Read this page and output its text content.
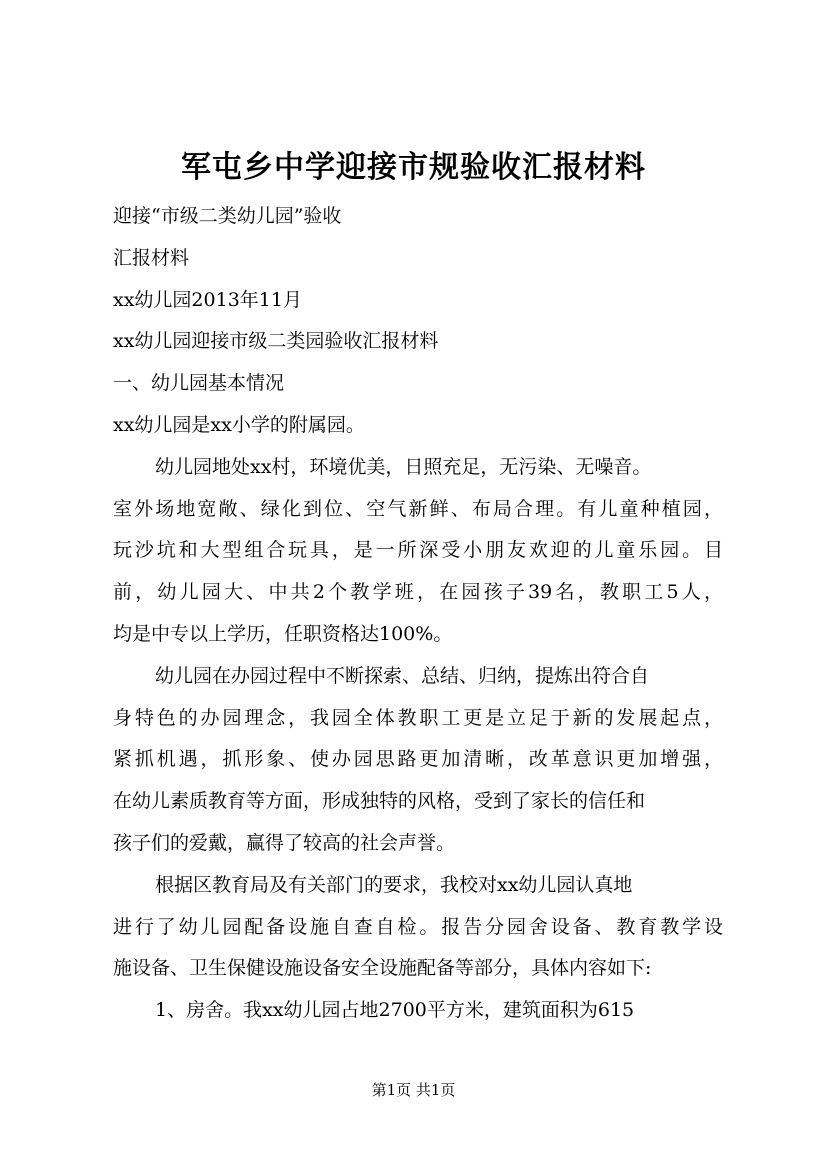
军屯乡中学迎接市规验收汇报材料
迎接“市级二类幼儿园”验收
汇报材料
xx幼儿园2013年11月
xx幼儿园迎接市级二类园验收汇报材料
一、幼儿园基本情况
xx幼儿园是xx小学的附属园。
幼儿园地处xx村，环境优美，日照充足，无污染、无噪音。
室外场地宽敞、绿化到位、空气新鲜、布局合理。有儿童种植园，
玩沙坑和大型组合玩具，是一所深受小朋友欢迎的儿童乐园。目
前，幼儿园大、中共2个教学班，在园孩子39名，教职工5人，
均是中专以上学历，任职资格达100%。
幼儿园在办园过程中不断探索、总结、归纳，提炼出符合自
身特色的办园理念，我园全体教职工更是立足于新的发展起点，
紧抓机遇，抓形象、使办园思路更加清晰，改革意识更加增强，
在幼儿素质教育等方面，形成独特的风格，受到了家长的信任和
孩子们的爱戴，赢得了较高的社会声誉。
根据区教育局及有关部门的要求，我校对xx幼儿园认真地
进行了幼儿园配备设施自查自检。报告分园舍设备、教育教学设
施设备、卫生保健设施设备安全设施配备等部分，具体内容如下:
1、房舍。我xx幼儿园占地2700平方米，建筑面积为615
第1页 共1页
